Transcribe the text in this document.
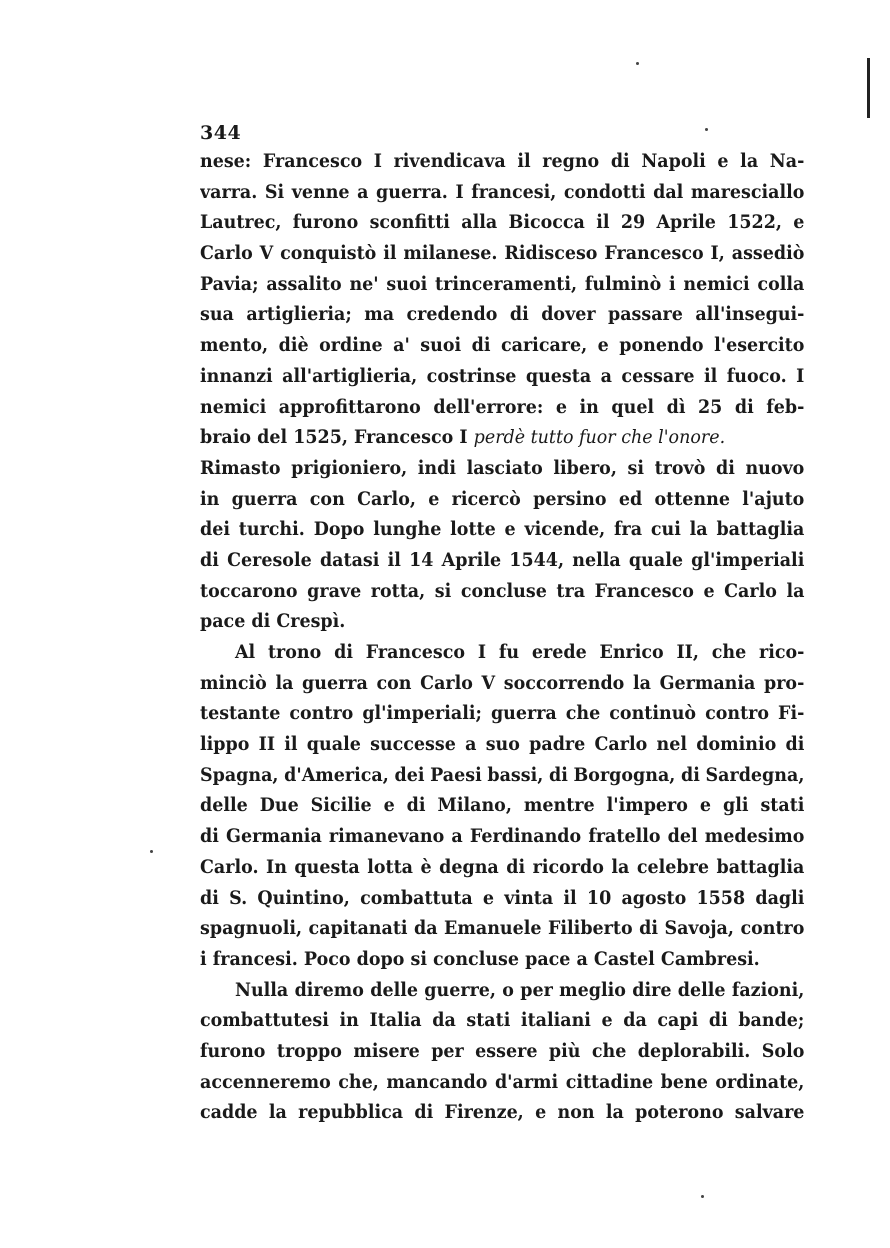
344
nese: Francesco I rivendicava il regno di Napoli e la Na-
varra. Si venne a guerra. I francesi, condotti dal maresciallo
Lautrec, furono sconfitti alla Bicocca il 29 Aprile 1522, e
Carlo V conquistò il milanese. Ridisceso Francesco I, assediò
Pavia; assalito ne' suoi trinceramenti, fulminò i nemici colla
sua artiglieria; ma credendo di dover passare all'insegui-
mento, diè ordine a' suoi di caricare, e ponendo l'esercito
innanzi all'artiglieria, costrinse questa a cessare il fuoco. I
nemici approfittarono dell'errore: e in quel dì 25 di feb-
braio del 1525, Francesco I
perdè tutto fuor che l'onore.
Rimasto prigioniero, indi lasciato libero, si trovò di nuovo
in guerra con Carlo, e ricercò persino ed ottenne l'ajuto
dei turchi. Dopo lunghe lotte e vicende, fra cui la battaglia
di Ceresole datasi il 14 Aprile 1544, nella quale gl'imperiali
toccarono grave rotta, si concluse tra Francesco e Carlo la
pace di Crespì.
Al trono di Francesco I fu erede Enrico II, che rico-
minciò la guerra con Carlo V soccorrendo la Germania pro-
testante contro gl'imperiali; guerra che continuò contro Fi-
lippo II il quale successe a suo padre Carlo nel dominio di
Spagna, d'America, dei Paesi bassi, di Borgogna, di Sardegna,
delle Due Sicilie e di Milano, mentre l'impero e gli stati
di Germania rimanevano a Ferdinando fratello del medesimo
Carlo. In questa lotta è degna di ricordo la celebre battaglia
di S. Quintino, combattuta e vinta il 10 agosto 1558 dagli
spagnuoli, capitanati da Emanuele Filiberto di Savoja, contro
i francesi. Poco dopo si concluse pace a Castel Cambresi.
Nulla diremo delle guerre, o per meglio dire delle fazioni,
combattutesi in Italia da stati italiani e da capi di bande;
furono troppo misere per essere più che deplorabili. Solo
accenneremo che, mancando d'armi cittadine bene ordinate,
cadde la repubblica di Firenze, e non la poterono salvare
